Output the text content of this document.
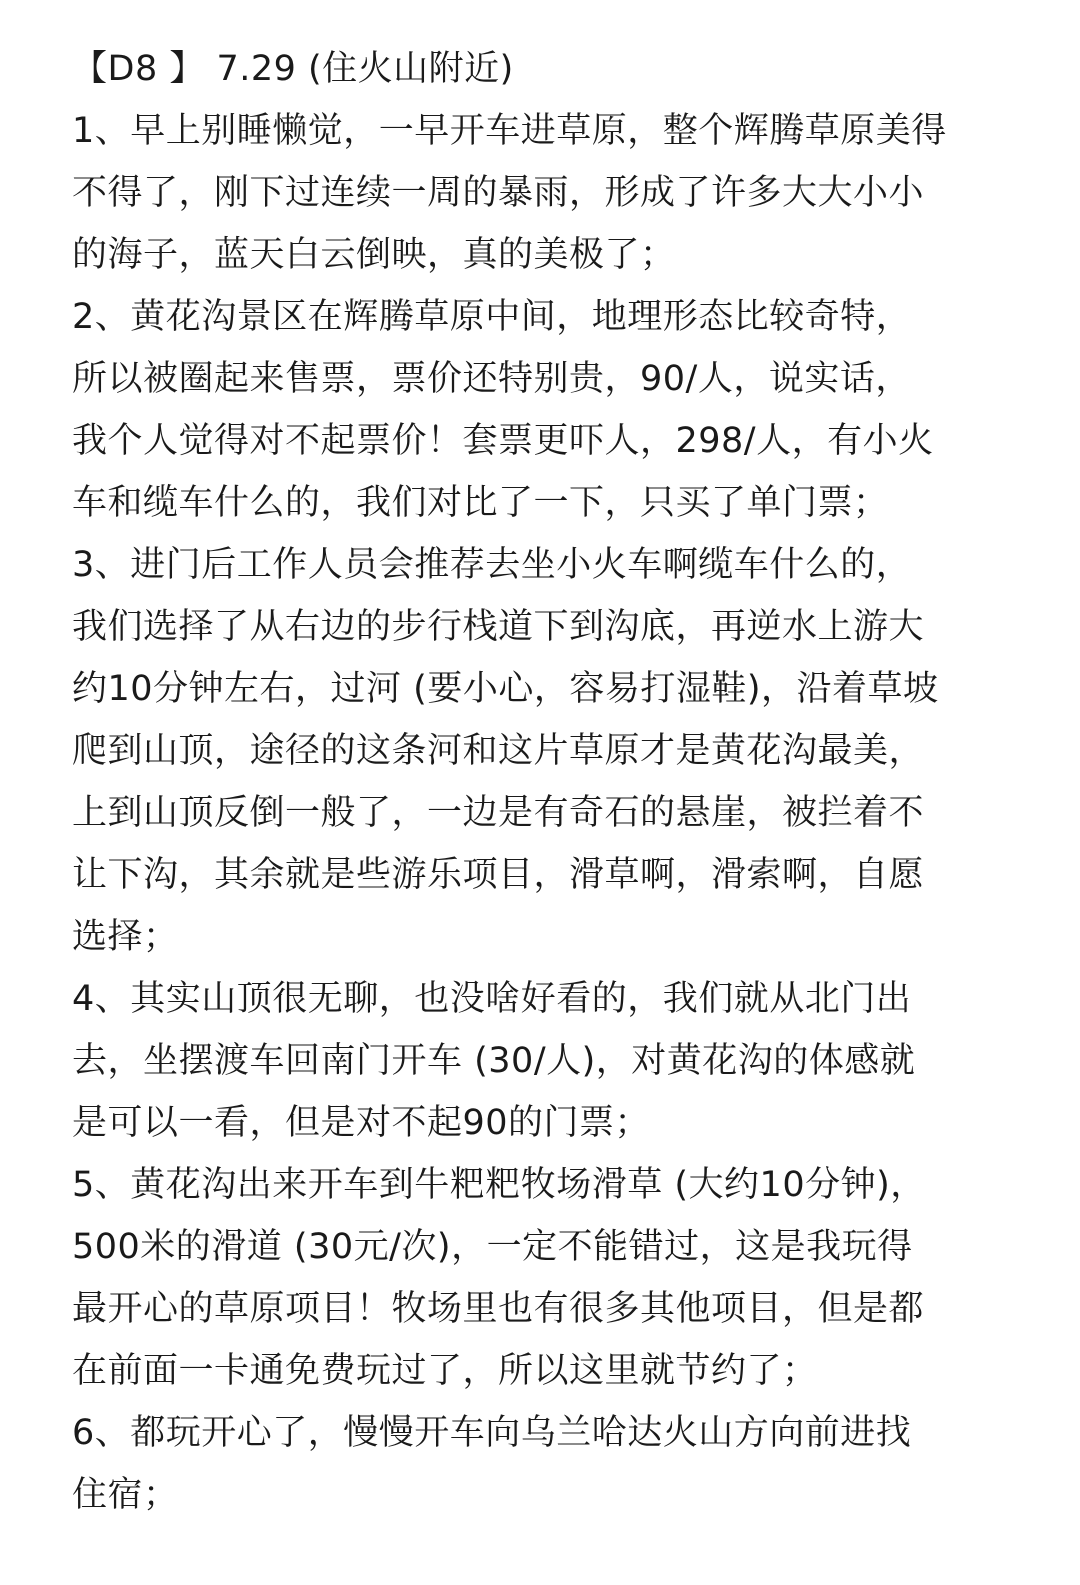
【D8 】 7.29 (住火山附近)
1、早上别睡懒觉，一早开车进草原，整个辉腾草原美得
不得了，刚下过连续一周的暴雨，形成了许多大大小小
的海子，蓝天白云倒映，真的美极了；
2、黄花沟景区在辉腾草原中间，地理形态比较奇特，
所以被圈起来售票，票价还特别贵，90/人，说实话，
我个人觉得对不起票价！套票更吓人，298/人，有小火
车和缆车什么的，我们对比了一下，只买了单门票；
3、进门后工作人员会推荐去坐小火车啊缆车什么的，
我们选择了从右边的步行栈道下到沟底，再逆水上游大
约10分钟左右，过河 (要小心，容易打湿鞋)，沿着草坡
爬到山顶，途径的这条河和这片草原才是黄花沟最美，
上到山顶反倒一般了，一边是有奇石的悬崖，被拦着不
让下沟，其余就是些游乐项目，滑草啊，滑索啊，自愿
选择；
4、其实山顶很无聊，也没啥好看的，我们就从北门出
去，坐摆渡车回南门开车 (30/人)，对黄花沟的体感就
是可以一看，但是对不起90的门票；
5、黄花沟出来开车到牛粑粑牧场滑草 (大约10分钟)，
500米的滑道 (30元/次)，一定不能错过，这是我玩得
最开心的草原项目！牧场里也有很多其他项目，但是都
在前面一卡通免费玩过了，所以这里就节约了；
6、都玩开心了，慢慢开车向乌兰哈达火山方向前进找
住宿；
